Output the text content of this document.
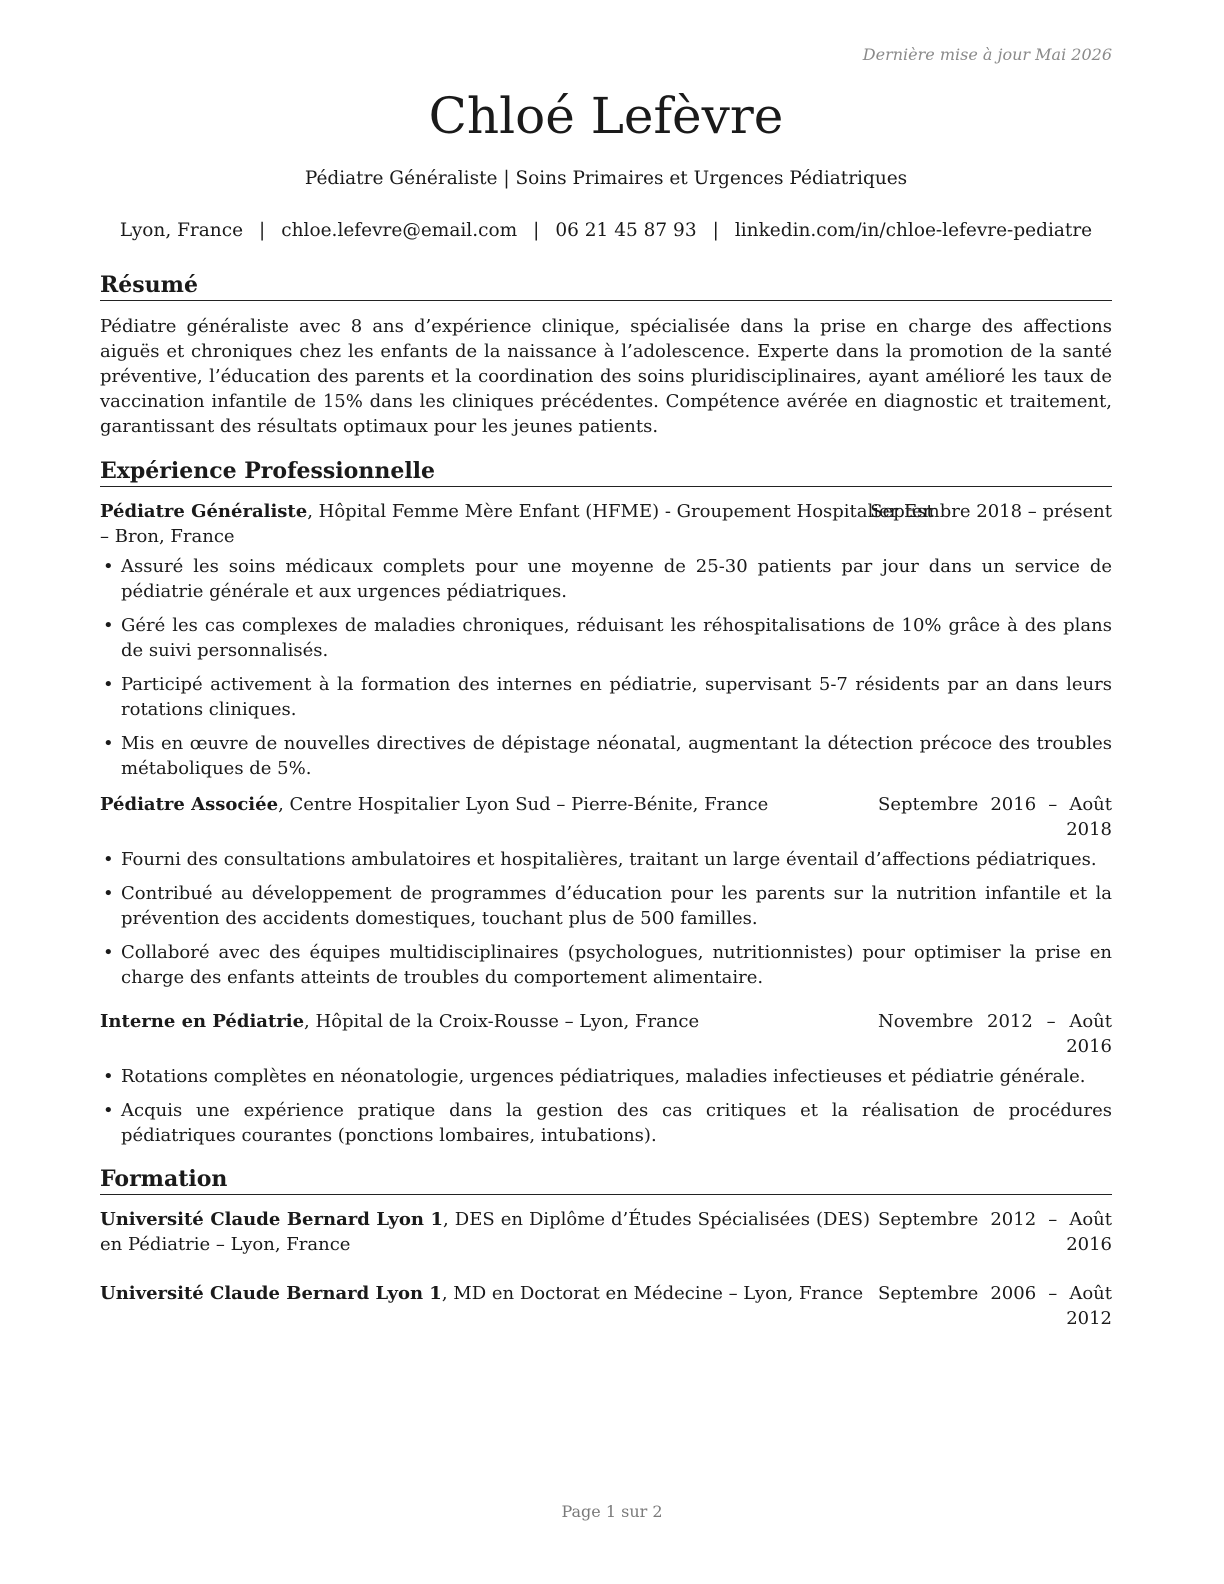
Dernière mise à jour Mai 2026
Chloé Lefèvre
Pédiatre Généraliste | Soins Primaires et Urgences Pédiatriques
Lyon, France | chloe.lefevre@email.com | 06 21 45 87 93 | linkedin.com/in/chloe-lefevre-pediatre
Résumé
Pédiatre généraliste avec 8 ans d’expérience clinique, spécialisée dans la prise en charge des affections aiguës et chroniques chez les enfants de la naissance à l’adolescence. Experte dans la promotion de la santé préventive, l’éducation des parents et la coordination des soins pluridisciplinaires, ayant amélioré les taux de vaccination infantile de 15% dans les cliniques précédentes. Compétence avérée en diagnostic et traitement, garantissant des résultats optimaux pour les jeunes patients.
Expérience Professionnelle
Pédiatre Généraliste, Hôpital Femme Mère Enfant (HFME) - Groupement Hospitalier Est
Septembre 2018 – présent
– Bron, France
• Assuré les soins médicaux complets pour une moyenne de 25-30 patients par jour dans un service de pédiatrie générale et aux urgences pédiatriques.
• Géré les cas complexes de maladies chroniques, réduisant les réhospitalisations de 10% grâce à des plans de suivi personnalisés.
• Participé activement à la formation des internes en pédiatrie, supervisant 5-7 résidents par an dans leurs rotations cliniques.
• Mis en œuvre de nouvelles directives de dépistage néonatal, augmentant la détection précoce des troubles métaboliques de 5%.
Pédiatre Associée, Centre Hospitalier Lyon Sud – Pierre-Bénite, France	Septembre 2016 – Août 2018
• Fourni des consultations ambulatoires et hospitalières, traitant un large éventail d’affections pédiatriques.
• Contribué au développement de programmes d’éducation pour les parents sur la nutrition infantile et la prévention des accidents domestiques, touchant plus de 500 familles.
• Collaboré avec des équipes multidisciplinaires (psychologues, nutritionnistes) pour optimiser la prise en charge des enfants atteints de troubles du comportement alimentaire.
Interne en Pédiatrie, Hôpital de la Croix-Rousse – Lyon, France	Novembre 2012 – Août 2016
• Rotations complètes en néonatologie, urgences pédiatriques, maladies infectieuses et pédiatrie générale.
• Acquis une expérience pratique dans la gestion des cas critiques et la réalisation de procédures pédiatriques courantes (ponctions lombaires, intubations).
Formation
Université Claude Bernard Lyon 1, DES en Diplôme d’Études Spécialisées (DES) en Pédiatrie – Lyon, France
Septembre 2012 – Août 2016
Université Claude Bernard Lyon 1, MD en Doctorat en Médecine – Lyon, France Septembre 2006 – Août 2012
Page 1 sur 2
